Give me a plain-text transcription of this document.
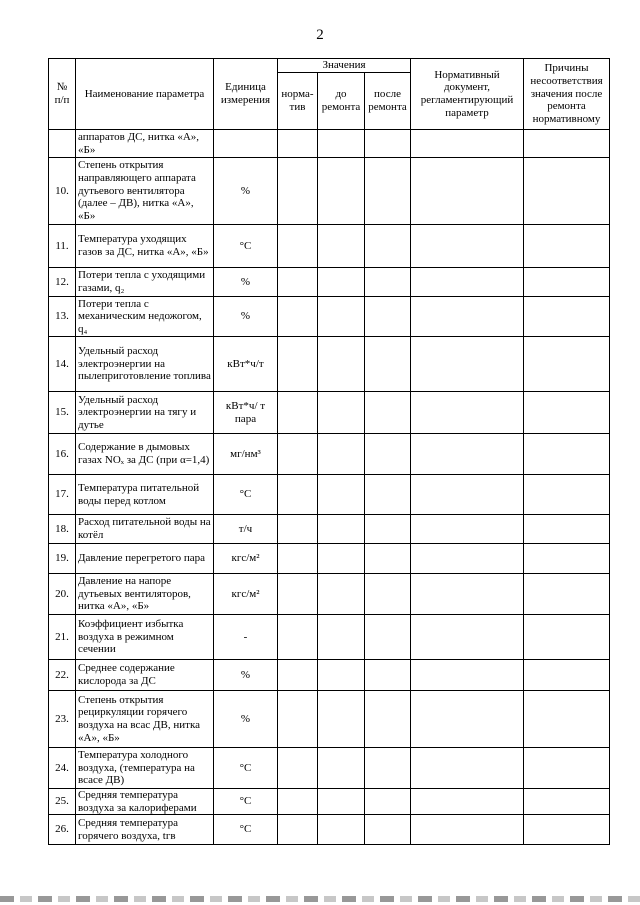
2
№ п/п	Наименование параметра	Единица измерения	Значения			Нормативный документ, регламентирующий параметр	Причины несоответствия значения после ремонта нормативному
			норма- тив	до ремонта	после ремонта		
	аппаратов ДС, нитка «А», «Б»						
10.	Степень открытия направляющего аппарата дутьевого вентилятора (далее – ДВ), нитка «А», «Б»	%					
11.	Температура уходящих газов за ДС, нитка «А», «Б»	°C					
12.	Потери тепла с уходящими газами, q₂	%					
13.	Потери тепла с механическим недожогом, q₄	%					
14.	Удельный расход электроэнергии на пылеприготовление топлива	кВт*ч/т					
15.	Удельный расход электроэнергии на тягу и дутье	кВт*ч/ т пара					
16.	Содержание в дымовых газах NOₓ за ДС (при α=1,4)	мг/нм³					
17.	Температура питательной воды перед котлом	°C					
18.	Расход питательной воды на котёл	т/ч					
19.	Давление перегретого пара	кгс/м²					
20.	Давление на напоре дутьевых вентиляторов, нитка «А», «Б»	кгс/м²					
21.	Коэффициент избытка воздуха в режимном сечении	-					
22.	Среднее содержание кислорода за ДС	%					
23.	Степень открытия рециркуляции горячего воздуха на всас ДВ, нитка «А», «Б»	%					
24.	Температура холодного воздуха, (температура на всасе ДВ)	°C					
25.	Средняя температура воздуха за калориферами	°C					
26.	Средняя температура горячего воздуха, tгв	°C					
